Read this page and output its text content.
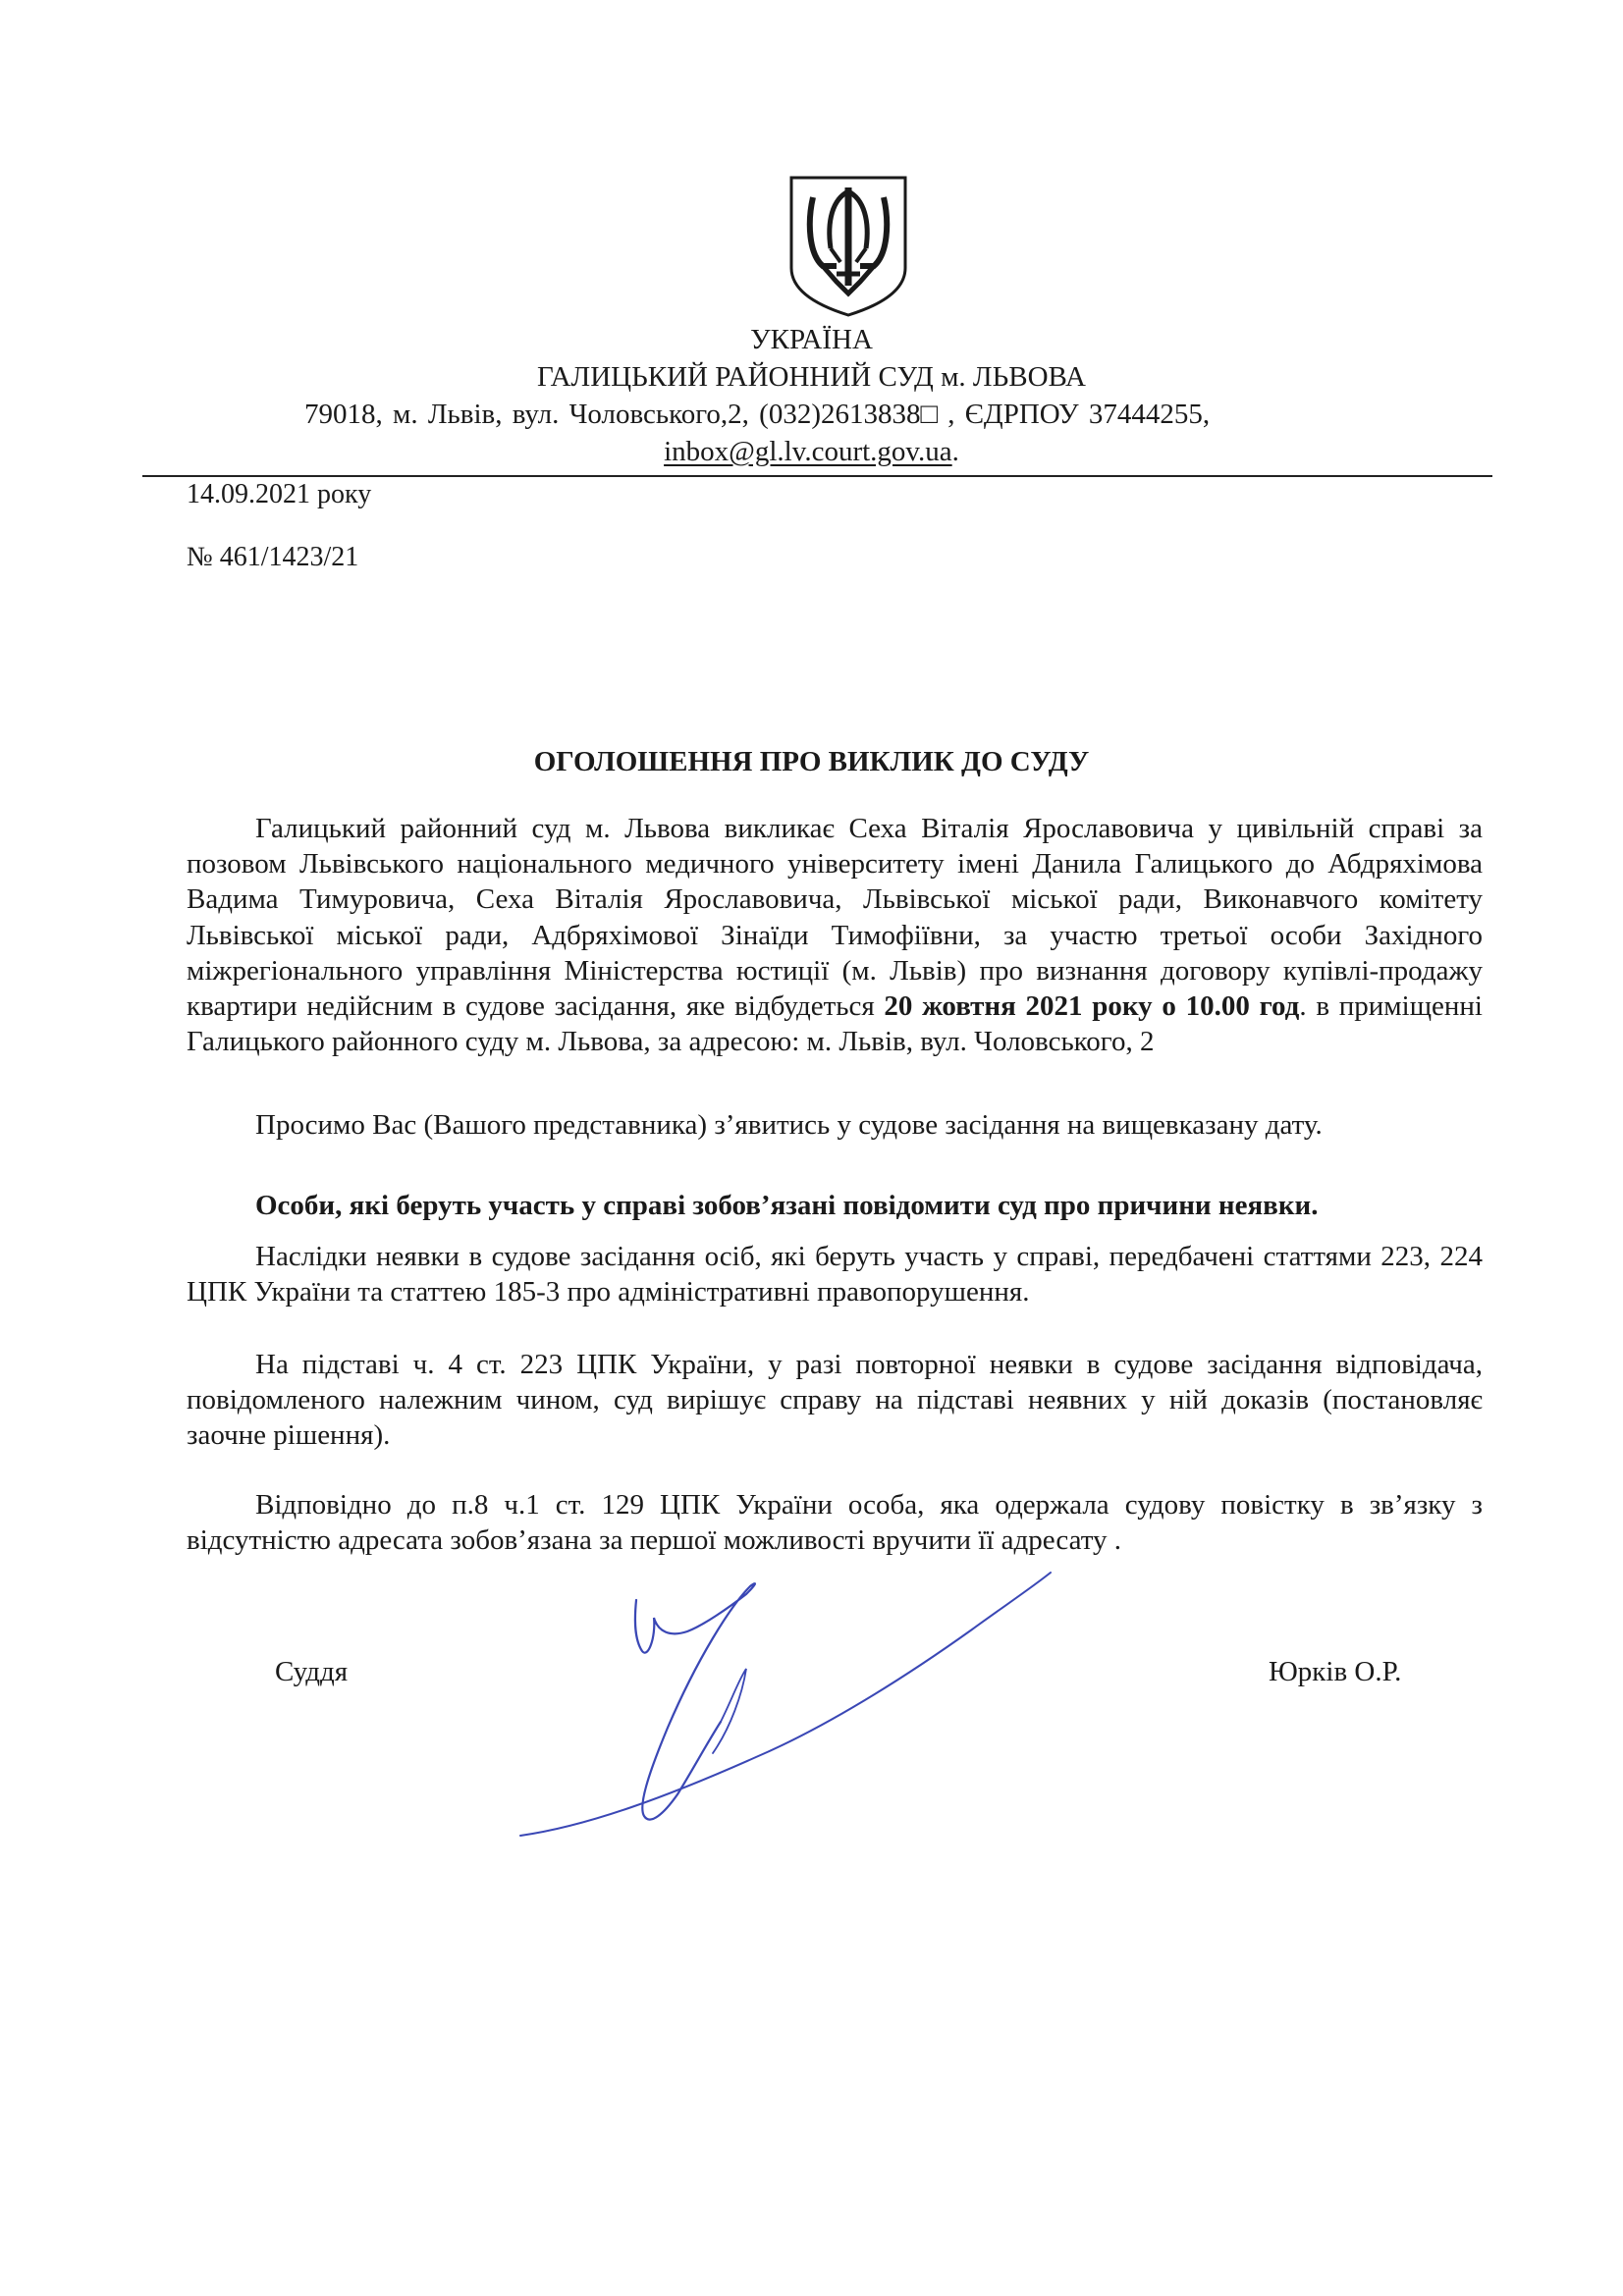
УКРАЇНА
ГАЛИЦЬКИЙ РАЙОННИЙ СУД м. ЛЬВОВА
79018, м. Львів, вул. Чоловського,2, (032)2613838□ , ЄДРПОУ 37444255,
inbox@gl.lv.court.gov.ua.
14.09.2021 року
№ 461/1423/21
ОГОЛОШЕННЯ ПРО ВИКЛИК ДО СУДУ
Галицький районний суд м. Львова викликає Сеха Віталія Ярославовича у цивільній справі за позовом Львівського національного медичного університету імені Данила Галицького до Абдряхімова Вадима Тимуровича, Сеха Віталія Ярославовича, Львівської міської ради, Виконавчого комітету Львівської міської ради, Адбряхімової Зінаїди Тимофіївни, за участю третьої особи Західного міжрегіонального управління Міністерства юстиції (м. Львів) про визнання договору купівлі-продажу квартири недійсним в судове засідання, яке відбудеться 20 жовтня 2021 року о 10.00 год. в приміщенні Галицького районного суду м. Львова, за адресою: м. Львів, вул. Чоловського, 2
Просимо Вас (Вашого представника) з’явитись у судове засідання на вищевказану дату.
Особи, які беруть участь у справі зобов’язані повідомити суд про причини неявки.
Наслідки неявки в судове засідання осіб, які беруть участь у справі, передбачені статтями 223, 224 ЦПК України та статтею 185-3 про адміністративні правопорушення.
На підставі ч. 4 ст. 223 ЦПК України, у разі повторної неявки в судове засідання відповідача, повідомленого належним чином, суд вирішує справу на підставі неявних у ній доказів (постановляє заочне рішення).
Відповідно до п.8 ч.1 ст. 129 ЦПК України особа, яка одержала судову повістку в зв’язку з відсутністю адресата зобов’язана за першої можливості вручити її адресату .
Суддя	Юрків О.Р.
